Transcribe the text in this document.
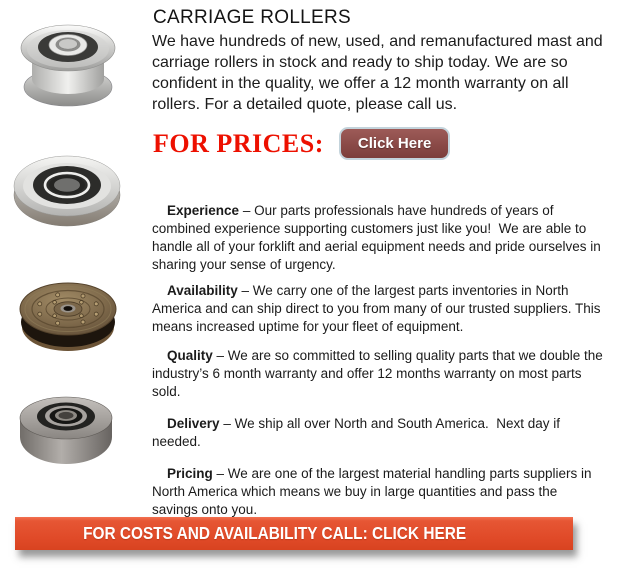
CARRIAGE ROLLERS

We have hundreds of new, used, and remanufactured mast and carriage rollers in stock and ready to ship today. We are so confident in the quality, we offer a 12 month warranty on all rollers. For a detailed quote, please call us.

FOR PRICES:	Click Here

Experience – Our parts professionals have hundreds of years of combined experience supporting customers just like you!  We are able to handle all of your forklift and aerial equipment needs and pride ourselves in sharing your sense of urgency.

Availability – We carry one of the largest parts inventories in North America and can ship direct to you from many of our trusted suppliers. This means increased uptime for your fleet of equipment.

Quality – We are so committed to selling quality parts that we double the industry’s 6 month warranty and offer 12 months warranty on most parts sold.

Delivery – We ship all over North and South America.  Next day if needed.

Pricing – We are one of the largest material handling parts suppliers in North America which means we buy in large quantities and pass the savings onto you.

FOR COSTS AND AVAILABILITY CALL: CLICK HERE
